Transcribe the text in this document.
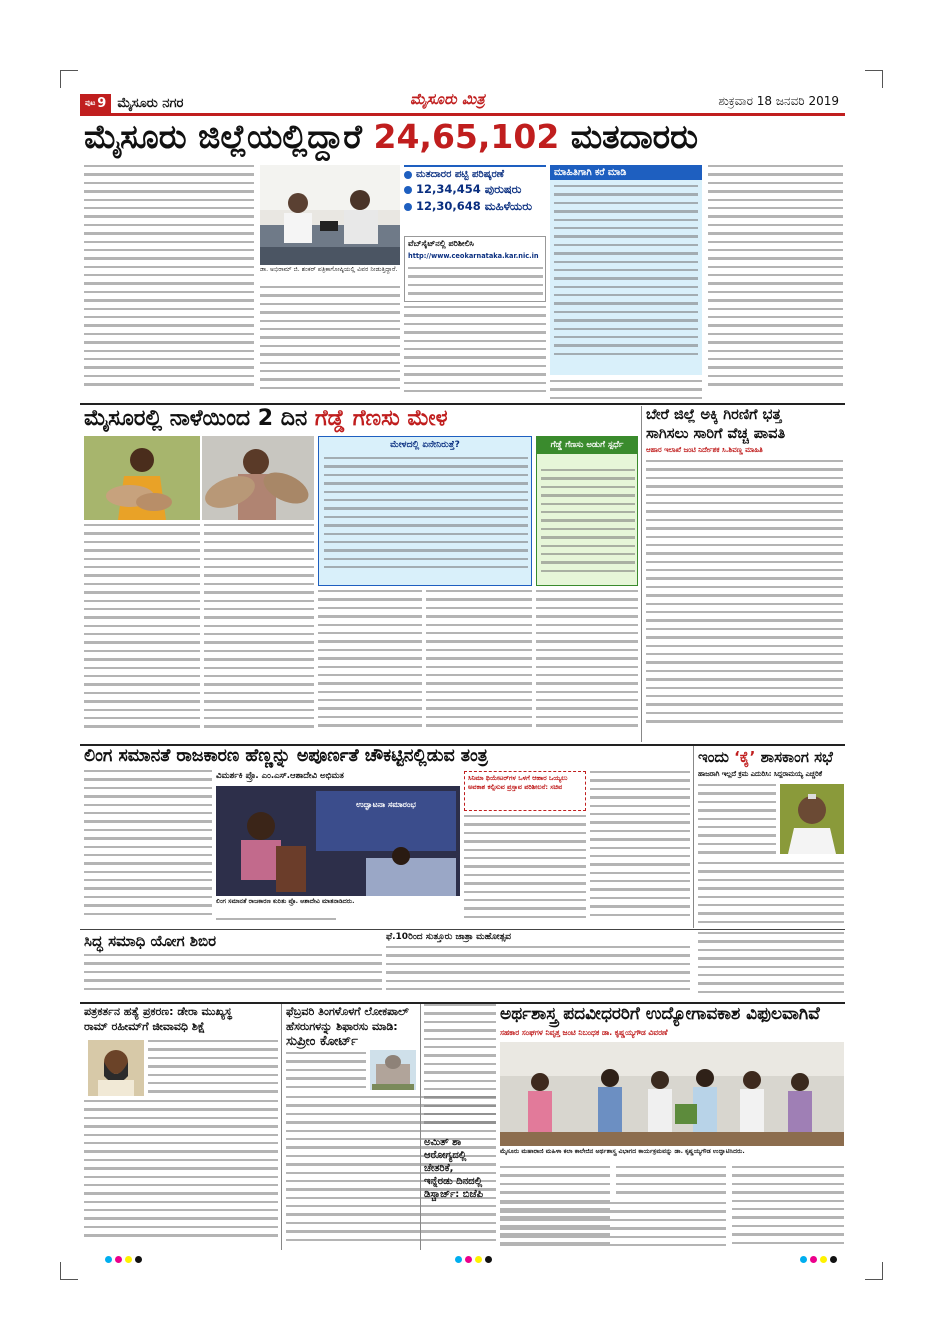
ಪುಟ 9 ಮೈಸೂರು ನಗರ	ಮೈಸೂರು ಮಿತ್ರ	ಶುಕ್ರವಾರ 18 ಜನವರಿ 2019
ಮೈಸೂರು ಜಿಲ್ಲೆಯಲ್ಲಿದ್ದಾರೆ 24,65,102 ಮತದಾರರು
ಡಾ. ಅಭಿರಾಮ್ ಜಿ. ಶಂಕರ್ ಪತ್ರಿಕಾಗೋಷ್ಠಿಯಲ್ಲಿ ವಿವರ ನೀಡುತ್ತಿದ್ದಾರೆ.
ಮತದಾರರ ಪಟ್ಟಿ ಪರಿಷ್ಕರಣೆ
12,34,454 ಪುರುಷರು
12,30,648 ಮಹಿಳೆಯರು
ವೆಬ್‌ಸೈಟ್‌ನಲ್ಲಿ ಪರಿಶೀಲಿಸಿ
http://www.ceokarnataka.kar.nic.in
ಮಾಹಿತಿಗಾಗಿ ಕರೆ ಮಾಡಿ
ಮೈಸೂರಲ್ಲಿ ನಾಳೆಯಿಂದ 2 ದಿನ ಗೆಡ್ಡೆ ಗೆಣಸು ಮೇಳ
ಮೇಳದಲ್ಲಿ ಏನೇನಿರುತ್ತೆ?	ಗೆಡ್ಡೆ ಗೆಣಸು ಅಡುಗೆ ಸ್ಪರ್ಧೆ
ಬೇರೆ ಜಿಲ್ಲೆ ಅಕ್ಕಿ ಗಿರಣಿಗೆ ಭತ್ತ
ಸಾಗಿಸಲು ಸಾರಿಗೆ ವೆಚ್ಚ ಪಾವತಿ
ಆಹಾರ ಇಲಾಖೆ ಜಂಟಿ ನಿರ್ದೇಶಕ ಸಿ.ಶಿವಣ್ಣ ಮಾಹಿತಿ
ಲಿಂಗ ಸಮಾನತೆ ರಾಜಕಾರಣ ಹೆಣ್ಣನ್ನು ಅಪೂರ್ಣತೆ ಚೌಕಟ್ಟಿನಲ್ಲಿಡುವ ತಂತ್ರ
ವಿಮರ್ಶಕಿ ಪ್ರೊ. ಎಂ.ಎಸ್.ಆಶಾದೇವಿ ಅಭಿಮತ
ಉದ್ಘಾಟನಾ ಸಮಾರಂಭ
ಲಿಂಗ ಸಮಾನತೆ ರಾಜಕಾರಣ ಕುರಿತು ಪ್ರೊ. ಆಶಾದೇವಿ ಮಾತನಾಡಿದರು.
ಸಿನಿಮಾ ಥಿಯೇಟರ್‌ಗಳ ಒಳಗೆ ಆಹಾರ ಒಯ್ಯಲು ಅವಕಾಶ ಕಲ್ಪಿಸುವ ಪ್ರಸ್ತಾವ ಪರಿಶೀಲನೆ: ಸಚಿವ
ಇಂದು ‘ಕೈ’ ಶಾಸಕಾಂಗ ಸಭೆ
ಹಾಜರಾಗಿ ಇಲ್ಲದೆ ಕ್ರಮ ಎದುರಿಸಿ: ಸಿದ್ದರಾಮಯ್ಯ ಎಚ್ಚರಿಕೆ
ಸಿದ್ಧ ಸಮಾಧಿ ಯೋಗ ಶಿಬಿರ	ಫೆ.10ರಿಂದ ಸುತ್ತೂರು ಜಾತ್ರಾ ಮಹೋತ್ಸವ
ಪತ್ರಕರ್ತನ ಹತ್ಯೆ ಪ್ರಕರಣ: ಡೇರಾ ಮುಖ್ಯಸ್ಥ
ರಾಮ್ ರಹೀಮ್‌ಗೆ ಜೀವಾವಧಿ ಶಿಕ್ಷೆ
ಫೆಬ್ರವರಿ ತಿಂಗಳೊಳಗೆ ಲೋಕಪಾಲ್
ಹೆಸರುಗಳನ್ನು ಶಿಫಾರಸು ಮಾಡಿ:
ಸುಪ್ರೀಂ ಕೋರ್ಟ್
ಅರ್ಥಶಾಸ್ತ್ರ ಪದವೀಧರರಿಗೆ ಉದ್ಯೋಗಾವಕಾಶ ವಿಫುಲವಾಗಿವೆ
ಸಹಕಾರ ಸಂಘಗಳ ನಿವೃತ್ತ ಜಂಟಿ ನಿಬಂಧಕ ಡಾ. ಕೃಷ್ಣಯ್ಯಗೌಡ ವಿವರಣೆ
ಮೈಸೂರು ಮಹಾರಾಣಿ ಮಹಿಳಾ ಕಲಾ ಕಾಲೇಜಿನ ಅರ್ಥಶಾಸ್ತ್ರ ವಿಭಾಗದ ಕಾರ್ಯಕ್ರಮವನ್ನು ಡಾ. ಕೃಷ್ಣಯ್ಯಗೌಡ ಉದ್ಘಾಟಿಸಿದರು.
ಅಮಿತ್ ಶಾ
ಆರೋಗ್ಯದಲ್ಲಿ
ಚೇತರಿಕೆ,
ಇನ್ನೆರಡು ದಿನದಲ್ಲಿ
ಡಿಸ್ಚಾರ್ಜ್: ಬಿಜೆಪಿ
